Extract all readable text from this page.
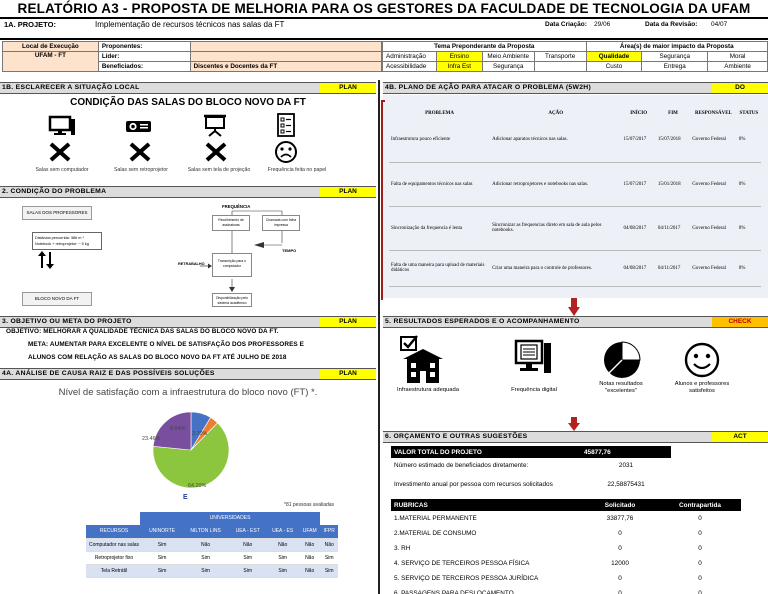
RELATÓRIO A3 - PROPOSTA DE MELHORIA PARA OS GESTORES DA FACULDADE DE TECNOLOGIA DA UFAM
1A. PROJETO:	Implementação de recursos técnicos nas salas da FT	Data Criação: 29/06	Data da Revisão: 04/07
Local de Execução	Proponentes:	
UFAM - FT	Líder:	
	Beneficiados:	Discentes e Docentes da FT
Tema Preponderante da Proposta				Área(s) de maior impacto da Proposta		
Administração	Ensino	Meio Ambiente	Transporte	Qualidade	Segurança	Moral
Acessibilidade	Infra Est	Segurança		Custo	Entrega	Ambiente
1B. ESCLARECER A SITUAÇÃO LOCAL	PLAN
CONDIÇÃO DAS SALAS DO BLOCO NOVO DA FT
Salas sem computador	Salas sem retroprojetor	Salas sem tela de projeção	Frequência feita no papel
2. CONDIÇÃO DO PROBLEMA	PLAN
SALAS DOS PROFESSORES
Distância percorrida: 386 m *
Notebook + retroprojetor: ~ 5 kg
BLOCO NOVO DA FT
FREQUÊNCIA
Recolhimento de assinaturas
Chamada com folha impressa
TEMPO
Transcrição para o computador
RETRABALHO
Disponibilização pelo sistema acadêmico
3. OBJETIVO OU META DO PROJETO	PLAN
OBJETIVO: MELHORAR A QUALIDADE TÉCNICA DAS SALAS DO BLOCO NOVO DA FT.
META: AUMENTAR PARA EXCELENTE O NÍVEL DE SATISFAÇÃO DOS PROFESSORES E
ALUNOS COM RELAÇÃO AS SALAS DO BLOCO NOVO DA FT ATÉ JULHO DE 2018
4A. ANÁLISE DE CAUSA RAIZ E DAS POSSÍVEIS SOLUÇÕES	PLAN
Nível de satisfação com a infraestrutura do bloco novo (FT) *.
8.64%
3.70%
64.20%
23.46%
E
*81 pessoas avaliadas
UNIVERSIDADES
RECURSOS	UNINORTE	NILTON LINS	UEA - EST	UEA - ES	UFAM	IFPR
Computador nas salas	Sim	Não	Não	Não	Não	Não
Retroprojetor fixo	Sim	Sim	Sim	Sim	Não	Sim
Tela Retrátil	Sim	Sim	Sim	Sim	Não	Sim
4B. PLANO DE AÇÃO PARA ATACAR O PROBLEMA (5W2H)	DO
PROBLEMA	AÇÃO	INÍCIO	FIM	RESPONSÁVEL	STATUS
Infraestrutura pouco eficiente	Adicionar aparatos técnicos nas salas.	15/07/2017	15/07/2018	Governo Federal	0%
Falta de equipamentos técnicos nas salas	Adicionar retroprojetores e notebooks nas salas.	15/07/2017	15/01/2018	Governo Federal	0%
Sincronização da frequencia é lenta	Sincronizar as frequencias direto em sala de aula pelos notebooks.	04/08/2017	04/11/2017	Governo Federal	0%
Falta de uma maneira para upload de materiais didáticos	Criar uma maneira para o controle de professores.	04/08/2017	04/11/2017	Governo Federal	0%
5. RESULTADOS ESPERADOS E O ACOMPANHAMENTO	CHECK
Infraestrutura adequada	Frequência digital
Notas resultados "excelentes"
Alunos e professores satisfeitos
6. ORÇAMENTO E OUTRAS SUGESTÕES	ACT
VALOR TOTAL DO PROJETO	45877,76
Número estimado de beneficiados diretamente:	2031
Investimento anual por pessoa com recursos solicitados	22,58875431
RUBRICAS	Solicitado	Contrapartida
1.MATERIAL PERMANENTE	33877,76	0
2.MATERIAL DE CONSUMO	0	0
3. RH	0	0
4. SERVIÇO DE TERCEIROS PESSOA FÍSICA	12000	0
5. SERVIÇO DE TERCEIROS PESSOA JURÍDICA	0	0
6. PASSAGENS PARA DESLOCAMENTO	0	0
